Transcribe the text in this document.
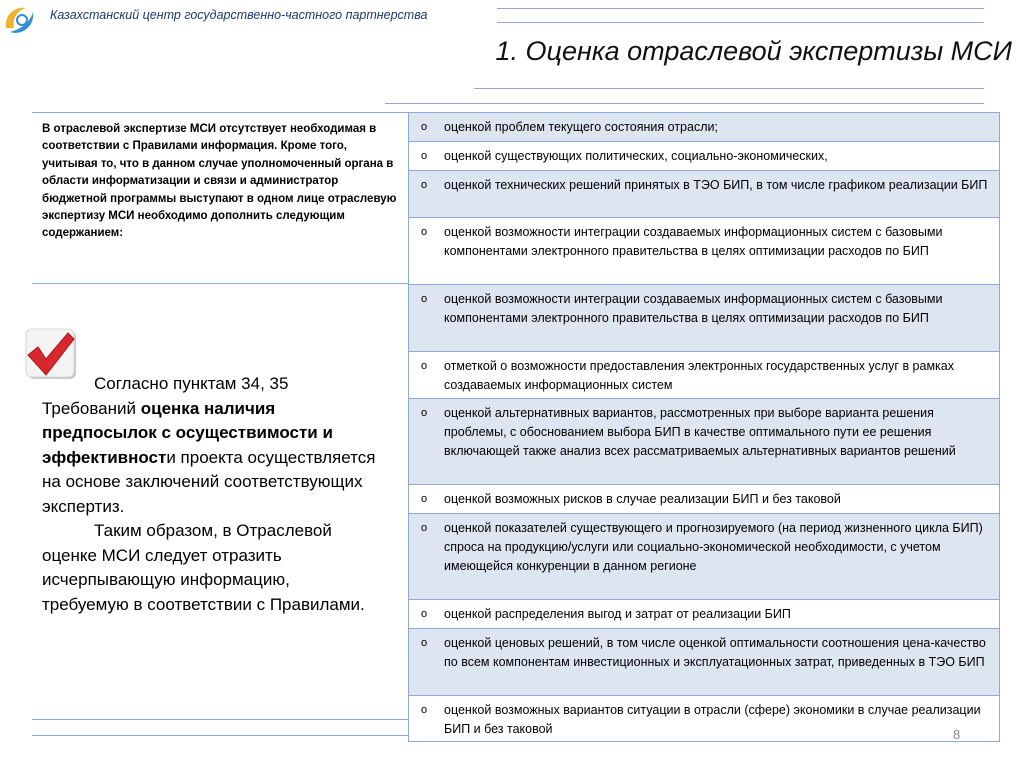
Казахстанский центр государственно-частного партнерства
1. Оценка отраслевой экспертизы МСИ
В отраслевой экспертизе МСИ отсутствует необходимая в соответствии с Правилами информация. Кроме того, учитывая то, что в данном случае уполномоченный органа в области информатизации и связи и администратор бюджетной программы выступают в одном лице отраслевую экспертизу МСИ необходимо дополнить следующим содержанием:

Согласно пунктам 34, 35 Требований оценка наличия предпосылок с осуществимости и эффективности проекта осуществляется на основе заключений соответствующих экспертиз.

Таким образом, в Отраслевой оценке МСИ следует отразить исчерпывающую информацию, требуемую в соответствии с Правилами.

o оценкой проблем текущего состояния отрасли;
o оценкой существующих политических, социально-экономических,
o оценкой технических решений принятых в ТЭО БИП, в том числе графиком реализации БИП
o оценкой возможности интеграции создаваемых информационных систем с базовыми компонентами электронного правительства в целях оптимизации расходов по БИП
o оценкой возможности интеграции создаваемых информационных систем с базовыми компонентами электронного правительства в целях оптимизации расходов по БИП
o отметкой о возможности предоставления электронных государственных услуг в рамках создаваемых информационных систем
o оценкой альтернативных вариантов, рассмотренных при выборе варианта решения проблемы, с обоснованием выбора БИП в качестве оптимального пути ее решения включающей также анализ всех рассматриваемых альтернативных вариантов решений
o оценкой возможных рисков в случае реализации БИП и без таковой
o оценкой показателей существующего и прогнозируемого (на период жизненного цикла БИП) спроса на продукцию/услуги или социально-экономической необходимости, с учетом имеющейся конкуренции в данном регионе
o оценкой распределения выгод и затрат от реализации БИП
o оценкой ценовых решений, в том числе оценкой оптимальности соотношения цена-качество по всем компонентам инвестиционных и эксплуатационных затрат, приведенных в ТЭО БИП
o оценкой возможных вариантов ситуации в отрасли (сфере) экономики в случае реализации БИП и без таковой	8
